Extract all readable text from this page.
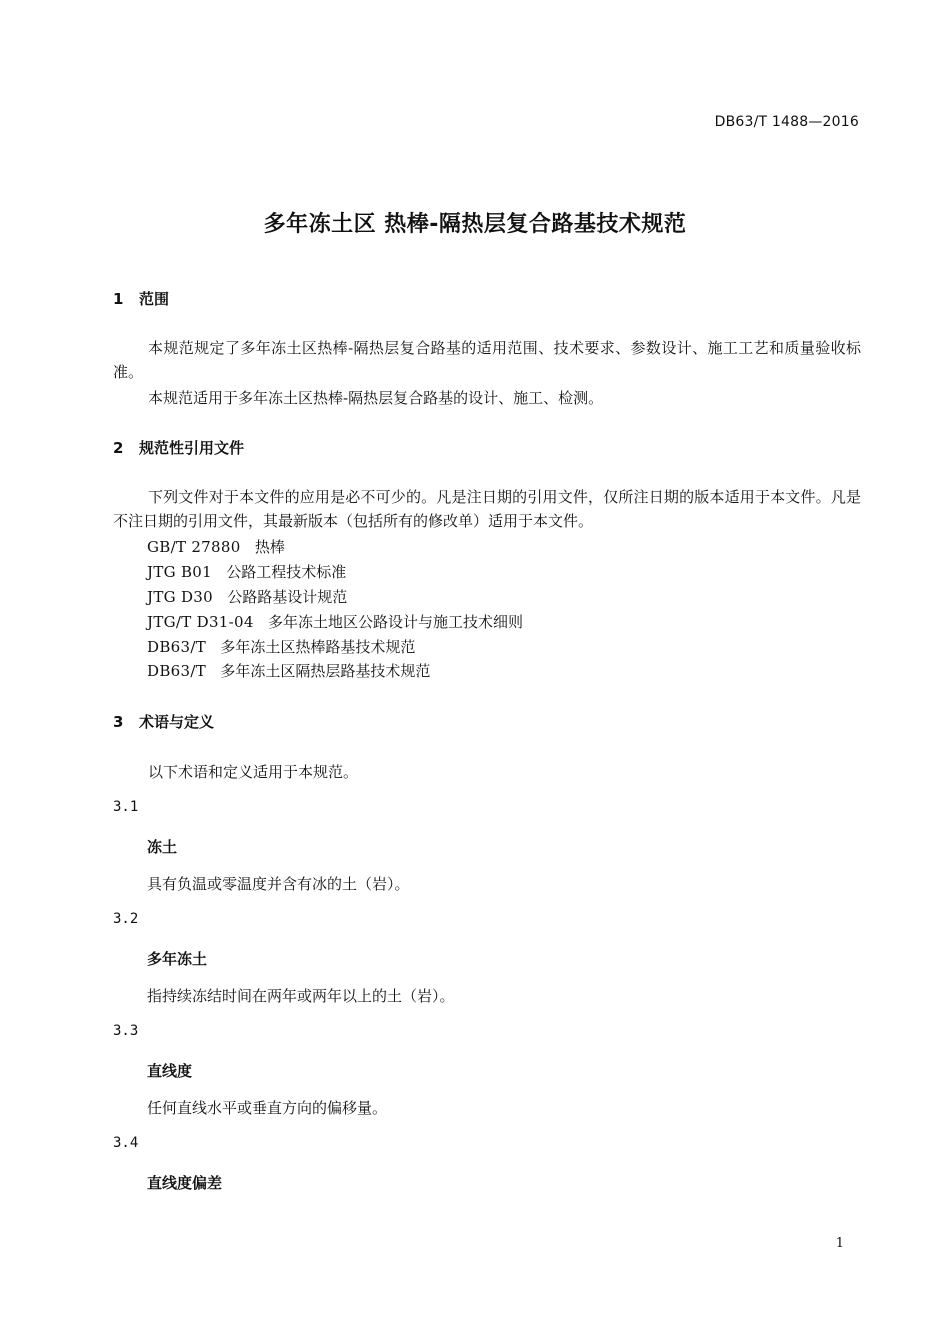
DB63/T 1488—2016
多年冻土区 热棒-隔热层复合路基技术规范
1 范围
本规范规定了多年冻土区热棒-隔热层复合路基的适用范围、技术要求、参数设计、施工工艺和质量验收标准。
本规范适用于多年冻土区热棒-隔热层复合路基的设计、施工、检测。
2 规范性引用文件
下列文件对于本文件的应用是必不可少的。凡是注日期的引用文件，仅所注日期的版本适用于本文件。凡是不注日期的引用文件，其最新版本（包括所有的修改单）适用于本文件。
GB/T 27880 热棒
JTG B01 公路工程技术标准
JTG D30 公路路基设计规范
JTG/T D31-04 多年冻土地区公路设计与施工技术细则
DB63/T 多年冻土区热棒路基技术规范
DB63/T 多年冻土区隔热层路基技术规范
3 术语与定义
以下术语和定义适用于本规范。
3.1
冻土
具有负温或零温度并含有冰的土（岩）。
3.2
多年冻土
指持续冻结时间在两年或两年以上的土（岩）。
3.3
直线度
任何直线水平或垂直方向的偏移量。
3.4
直线度偏差
1
